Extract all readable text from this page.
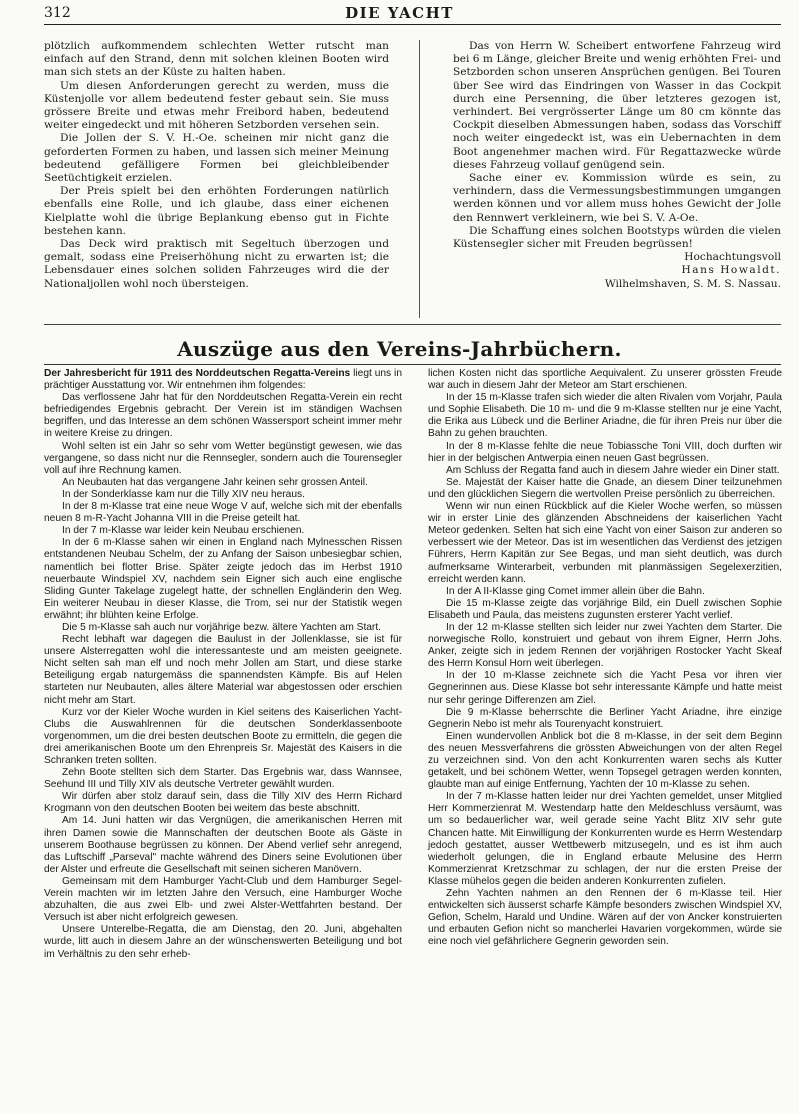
312	DIE YACHT

plötzlich aufkommendem schlechten Wetter rutscht man einfach auf den Strand, denn mit solchen kleinen Booten wird man sich stets an der Küste zu halten haben.

Um diesen Anforderungen gerecht zu werden, muss die Küstenjolle vor allem bedeutend fester gebaut sein. Sie muss grössere Breite und etwas mehr Freibord haben, bedeutend weiter eingedeckt und mit höheren Setzborden versehen sein.

Die Jollen der S. V. H.-Oe. scheinen mir nicht ganz die geforderten Formen zu haben, und lassen sich meiner Meinung bedeutend gefälligere Formen bei gleichbleibender Seetüchtigkeit erzielen.

Der Preis spielt bei den erhöhten Forderungen natürlich ebenfalls eine Rolle, und ich glaube, dass einer eichenen Kielplatte wohl die übrige Beplankung ebenso gut in Fichte bestehen kann.

Das Deck wird praktisch mit Segeltuch überzogen und gemalt, sodass eine Preiserhöhung nicht zu erwarten ist; die Lebensdauer eines solchen soliden Fahrzeuges wird die der Nationaljollen wohl noch übersteigen.

Das von Herrn W. Scheibert entworfene Fahrzeug wird bei 6 m Länge, gleicher Breite und wenig erhöhten Frei- und Setzborden schon unseren Ansprüchen genügen. Bei Touren über See wird das Eindringen von Wasser in das Cockpit durch eine Persenning, die über letzteres gezogen ist, verhindert. Bei vergrösserter Länge um 80 cm könnte das Cockpit dieselben Abmessungen haben, sodass das Vorschiff noch weiter eingedeckt ist, was ein Uebernachten in dem Boot angenehmer machen wird. Für Regattazwecke würde dieses Fahrzeug vollauf genügend sein.

Sache einer ev. Kommission würde es sein, zu verhindern, dass die Vermessungsbestimmungen umgangen werden können und vor allem muss hohes Gewicht der Jolle den Rennwert verkleinern, wie bei S. V. A-Oe.

Die Schaffung eines solchen Bootstyps würden die vielen Küstensegler sicher mit Freuden begrüssen!

Hochachtungsvoll
Hans Howaldt.
Wilhelmshaven, S. M. S. Nassau.
Auszüge aus den Vereins-Jahrbüchern.

Der Jahresbericht für 1911 des Norddeutschen Regatta-Vereins liegt uns in prächtiger Ausstattung vor. Wir entnehmen ihm folgendes:

Das verflossene Jahr hat für den Norddeutschen Regatta-Verein ein recht befriedigendes Ergebnis gebracht. Der Verein ist im ständigen Wachsen begriffen, und das Interesse an dem schönen Wassersport scheint immer mehr in weitere Kreise zu dringen.

Wohl selten ist ein Jahr so sehr vom Wetter begünstigt gewesen, wie das vergangene, so dass nicht nur die Rennsegler, sondern auch die Tourensegler voll auf ihre Rechnung kamen.

An Neubauten hat das vergangene Jahr keinen sehr grossen Anteil.

In der Sonderklasse kam nur die Tilly XIV neu heraus.

In der 8 m-Klasse trat eine neue Woge V auf, welche sich mit der ebenfalls neuen 8 m-R-Yacht Johanna VIII in die Preise geteilt hat.

In der 7 m-Klasse war leider kein Neubau erschienen.

In der 6 m-Klasse sahen wir einen in England nach Mylnesschen Rissen entstandenen Neubau Schelm, der zu Anfang der Saison unbesiegbar schien, namentlich bei flotter Brise. Später zeigte jedoch das im Herbst 1910 neuerbaute Windspiel XV, nachdem sein Eigner sich auch eine englische Sliding Gunter Takelage zugelegt hatte, der schnellen Engländerin den Weg. Ein weiterer Neubau in dieser Klasse, die Trom, sei nur der Statistik wegen erwähnt; ihr blühten keine Erfolge.

Die 5 m-Klasse sah auch nur vorjährige bezw. ältere Yachten am Start.

Recht lebhaft war dagegen die Baulust in der Jollenklasse, sie ist für unsere Alsterregatten wohl die interessanteste und am meisten geeignete. Nicht selten sah man elf und noch mehr Jollen am Start, und diese starke Beteiligung ergab naturgemäss die spannendsten Kämpfe. Bis auf Helen starteten nur Neubauten, alles ältere Material war abgestossen oder erschien nicht mehr am Start.

Kurz vor der Kieler Woche wurden in Kiel seitens des Kaiserlichen Yacht-Clubs die Auswahlrennen für die deutschen Sonderklassenboote vorgenommen, um die drei besten deutschen Boote zu ermitteln, die gegen die drei amerikanischen Boote um den Ehrenpreis Sr. Majestät des Kaisers in die Schranken treten sollten.

Zehn Boote stellten sich dem Starter. Das Ergebnis war, dass Wannsee, Seehund III und Tilly XIV als deutsche Vertreter gewählt wurden.

Wir dürfen aber stolz darauf sein, dass die Tilly XIV des Herrn Richard Krogmann von den deutschen Booten bei weitem das beste abschnitt.

Am 14. Juni hatten wir das Vergnügen, die amerikanischen Herren mit ihren Damen sowie die Mannschaften der deutschen Boote als Gäste in unserem Boothause begrüssen zu können. Der Abend verlief sehr anregend, das Luftschiff „Parseval" machte während des Diners seine Evolutionen über der Alster und erfreute die Gesellschaft mit seinen sicheren Manövern.

Gemeinsam mit dem Hamburger Yacht-Club und dem Hamburger Segel-Verein machten wir im letzten Jahre den Versuch, eine Hamburger Woche abzuhalten, die aus zwei Elb- und zwei Alster-Wettfahrten bestand. Der Versuch ist aber nicht erfolgreich gewesen.

Unsere Unterelbe-Regatta, die am Dienstag, den 20. Juni, abgehalten wurde, litt auch in diesem Jahre an der wünschenswerten Beteiligung und bot im Verhältnis zu den sehr erheb-

lichen Kosten nicht das sportliche Aequivalent. Zu unserer grössten Freude war auch in diesem Jahr der Meteor am Start erschienen.

In der 15 m-Klasse trafen sich wieder die alten Rivalen vom Vorjahr, Paula und Sophie Elisabeth. Die 10 m- und die 9 m-Klasse stellten nur je eine Yacht, die Erika aus Lübeck und die Berliner Ariadne, die für ihren Preis nur über die Bahn zu gehen brauchten.

In der 8 m-Klasse fehlte die neue Tobiassche Toni VIII, doch durften wir hier in der belgischen Antwerpia einen neuen Gast begrüssen.

Am Schluss der Regatta fand auch in diesem Jahre wieder ein Diner statt.

Se. Majestät der Kaiser hatte die Gnade, an diesem Diner teilzunehmen und den glücklichen Siegern die wertvollen Preise persönlich zu überreichen.

Wenn wir nun einen Rückblick auf die Kieler Woche werfen, so müssen wir in erster Linie des glänzenden Abschneidens der kaiserlichen Yacht Meteor gedenken. Selten hat sich eine Yacht von einer Saison zur anderen so verbessert wie der Meteor. Das ist im wesentlichen das Verdienst des jetzigen Führers, Herrn Kapitän zur See Begas, und man sieht deutlich, was durch aufmerksame Winterarbeit, verbunden mit planmässigen Segelexerzitien, erreicht werden kann.

In der A II-Klasse ging Comet immer allein über die Bahn.

Die 15 m-Klasse zeigte das vorjährige Bild, ein Duell zwischen Sophie Elisabeth und Paula, das meistens zugunsten ersterer Yacht verlief.

In der 12 m-Klasse stellten sich leider nur zwei Yachten dem Starter. Die norwegische Rollo, konstruiert und gebaut von ihrem Eigner, Herrn Johs. Anker, zeigte sich in jedem Rennen der vorjährigen Rostocker Yacht Skeaf des Herrn Konsul Horn weit überlegen.

In der 10 m-Klasse zeichnete sich die Yacht Pesa vor ihren vier Gegnerinnen aus. Diese Klasse bot sehr interessante Kämpfe und hatte meist nur sehr geringe Differenzen am Ziel.

Die 9 m-Klasse beherrschte die Berliner Yacht Ariadne, ihre einzige Gegnerin Nebo ist mehr als Tourenyacht konstruiert.

Einen wundervollen Anblick bot die 8 m-Klasse, in der seit dem Beginn des neuen Messverfahrens die grössten Abweichungen von der alten Regel zu verzeichnen sind. Von den acht Konkurrenten waren sechs als Kutter getakelt, und bei schönem Wetter, wenn Topsegel getragen werden konnten, glaubte man auf einige Entfernung, Yachten der 10 m-Klasse zu sehen.

In der 7 m-Klasse hatten leider nur drei Yachten gemeldet, unser Mitglied Herr Kommerzienrat M. Westendarp hatte den Meldeschluss versäumt, was um so bedauerlicher war, weil gerade seine Yacht Blitz XIV sehr gute Chancen hatte. Mit Einwilligung der Konkurrenten wurde es Herrn Westendarp jedoch gestattet, ausser Wettbewerb mitzusegeln, und es ist ihm auch wiederholt gelungen, die in England erbaute Melusine des Herrn Kommerzienrat Kretzschmar zu schlagen, der nur die ersten Preise der Klasse mühelos gegen die beiden anderen Konkurrenten zufielen.

Zehn Yachten nahmen an den Rennen der 6 m-Klasse teil. Hier entwickelten sich äusserst scharfe Kämpfe besonders zwischen Windspiel XV, Gefion, Schelm, Harald und Undine. Wären auf der von Ancker konstruierten und erbauten Gefion nicht so mancherlei Havarien vorgekommen, würde sie eine noch viel gefährlichere Gegnerin geworden sein.
